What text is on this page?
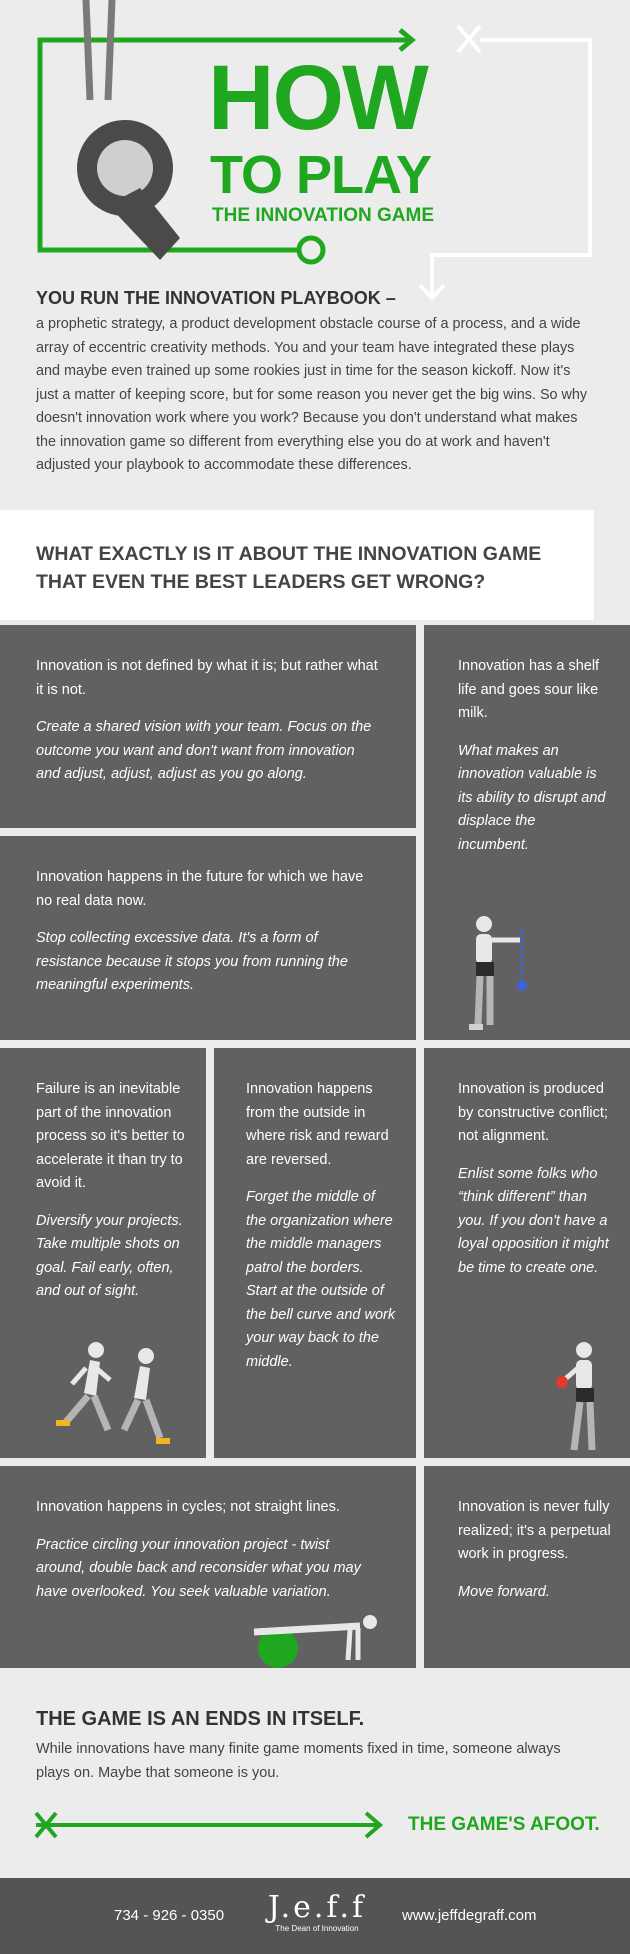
HOW
TO PLAY
THE INNOVATION GAME
YOU RUN THE INNOVATION PLAYBOOK –
a prophetic strategy, a product development obstacle course of a process, and a wide array of eccentric creativity methods. You and your team have integrated these plays and maybe even trained up some rookies just in time for the season kickoff. Now it's just a matter of keeping score, but for some reason you never get the big wins. So why doesn't innovation work where you work? Because you don't understand what makes the innovation game so different from everything else you do at work and haven't adjusted your playbook to accommodate these differences.
WHAT EXACTLY IS IT ABOUT THE INNOVATION GAME THAT EVEN THE BEST LEADERS GET WRONG?
Innovation is not defined by what it is; but rather what it is not.
Create a shared vision with your team. Focus on the outcome you want and don't want from innovation and adjust, adjust, adjust as you go along.
Innovation has a shelf life and goes sour like milk.
What makes an innovation valuable is its ability to disrupt and displace the incumbent.
Innovation happens in the future for which we have no real data now.
Stop collecting excessive data. It's a form of resistance because it stops you from running the meaningful experiments.
Failure is an inevitable part of the innovation process so it's better to accelerate it than try to avoid it.
Diversify your projects. Take multiple shots on goal. Fail early, often, and out of sight.
Innovation happens from the outside in where risk and reward are reversed.
Forget the middle of the organization where the middle managers patrol the borders. Start at the outside of the bell curve and work your way back to the middle.
Innovation is produced by constructive conflict; not alignment.
Enlist some folks who “think different” than you. If you don't have a loyal opposition it might be time to create one.
Innovation happens in cycles; not straight lines.
Practice circling your innovation project - twist around, double back and reconsider what you may have overlooked. You seek valuable variation.
Innovation is never fully realized; it's a perpetual work in progress.
Move forward.
THE GAME IS AN ENDS IN ITSELF.
While innovations have many finite game moments fixed in time, someone always plays on. Maybe that someone is you.
THE GAME'S AFOOT.
734 - 926 - 0350 J.e.f.f
The Dean of Innovation
www.jeffdegraff.com
